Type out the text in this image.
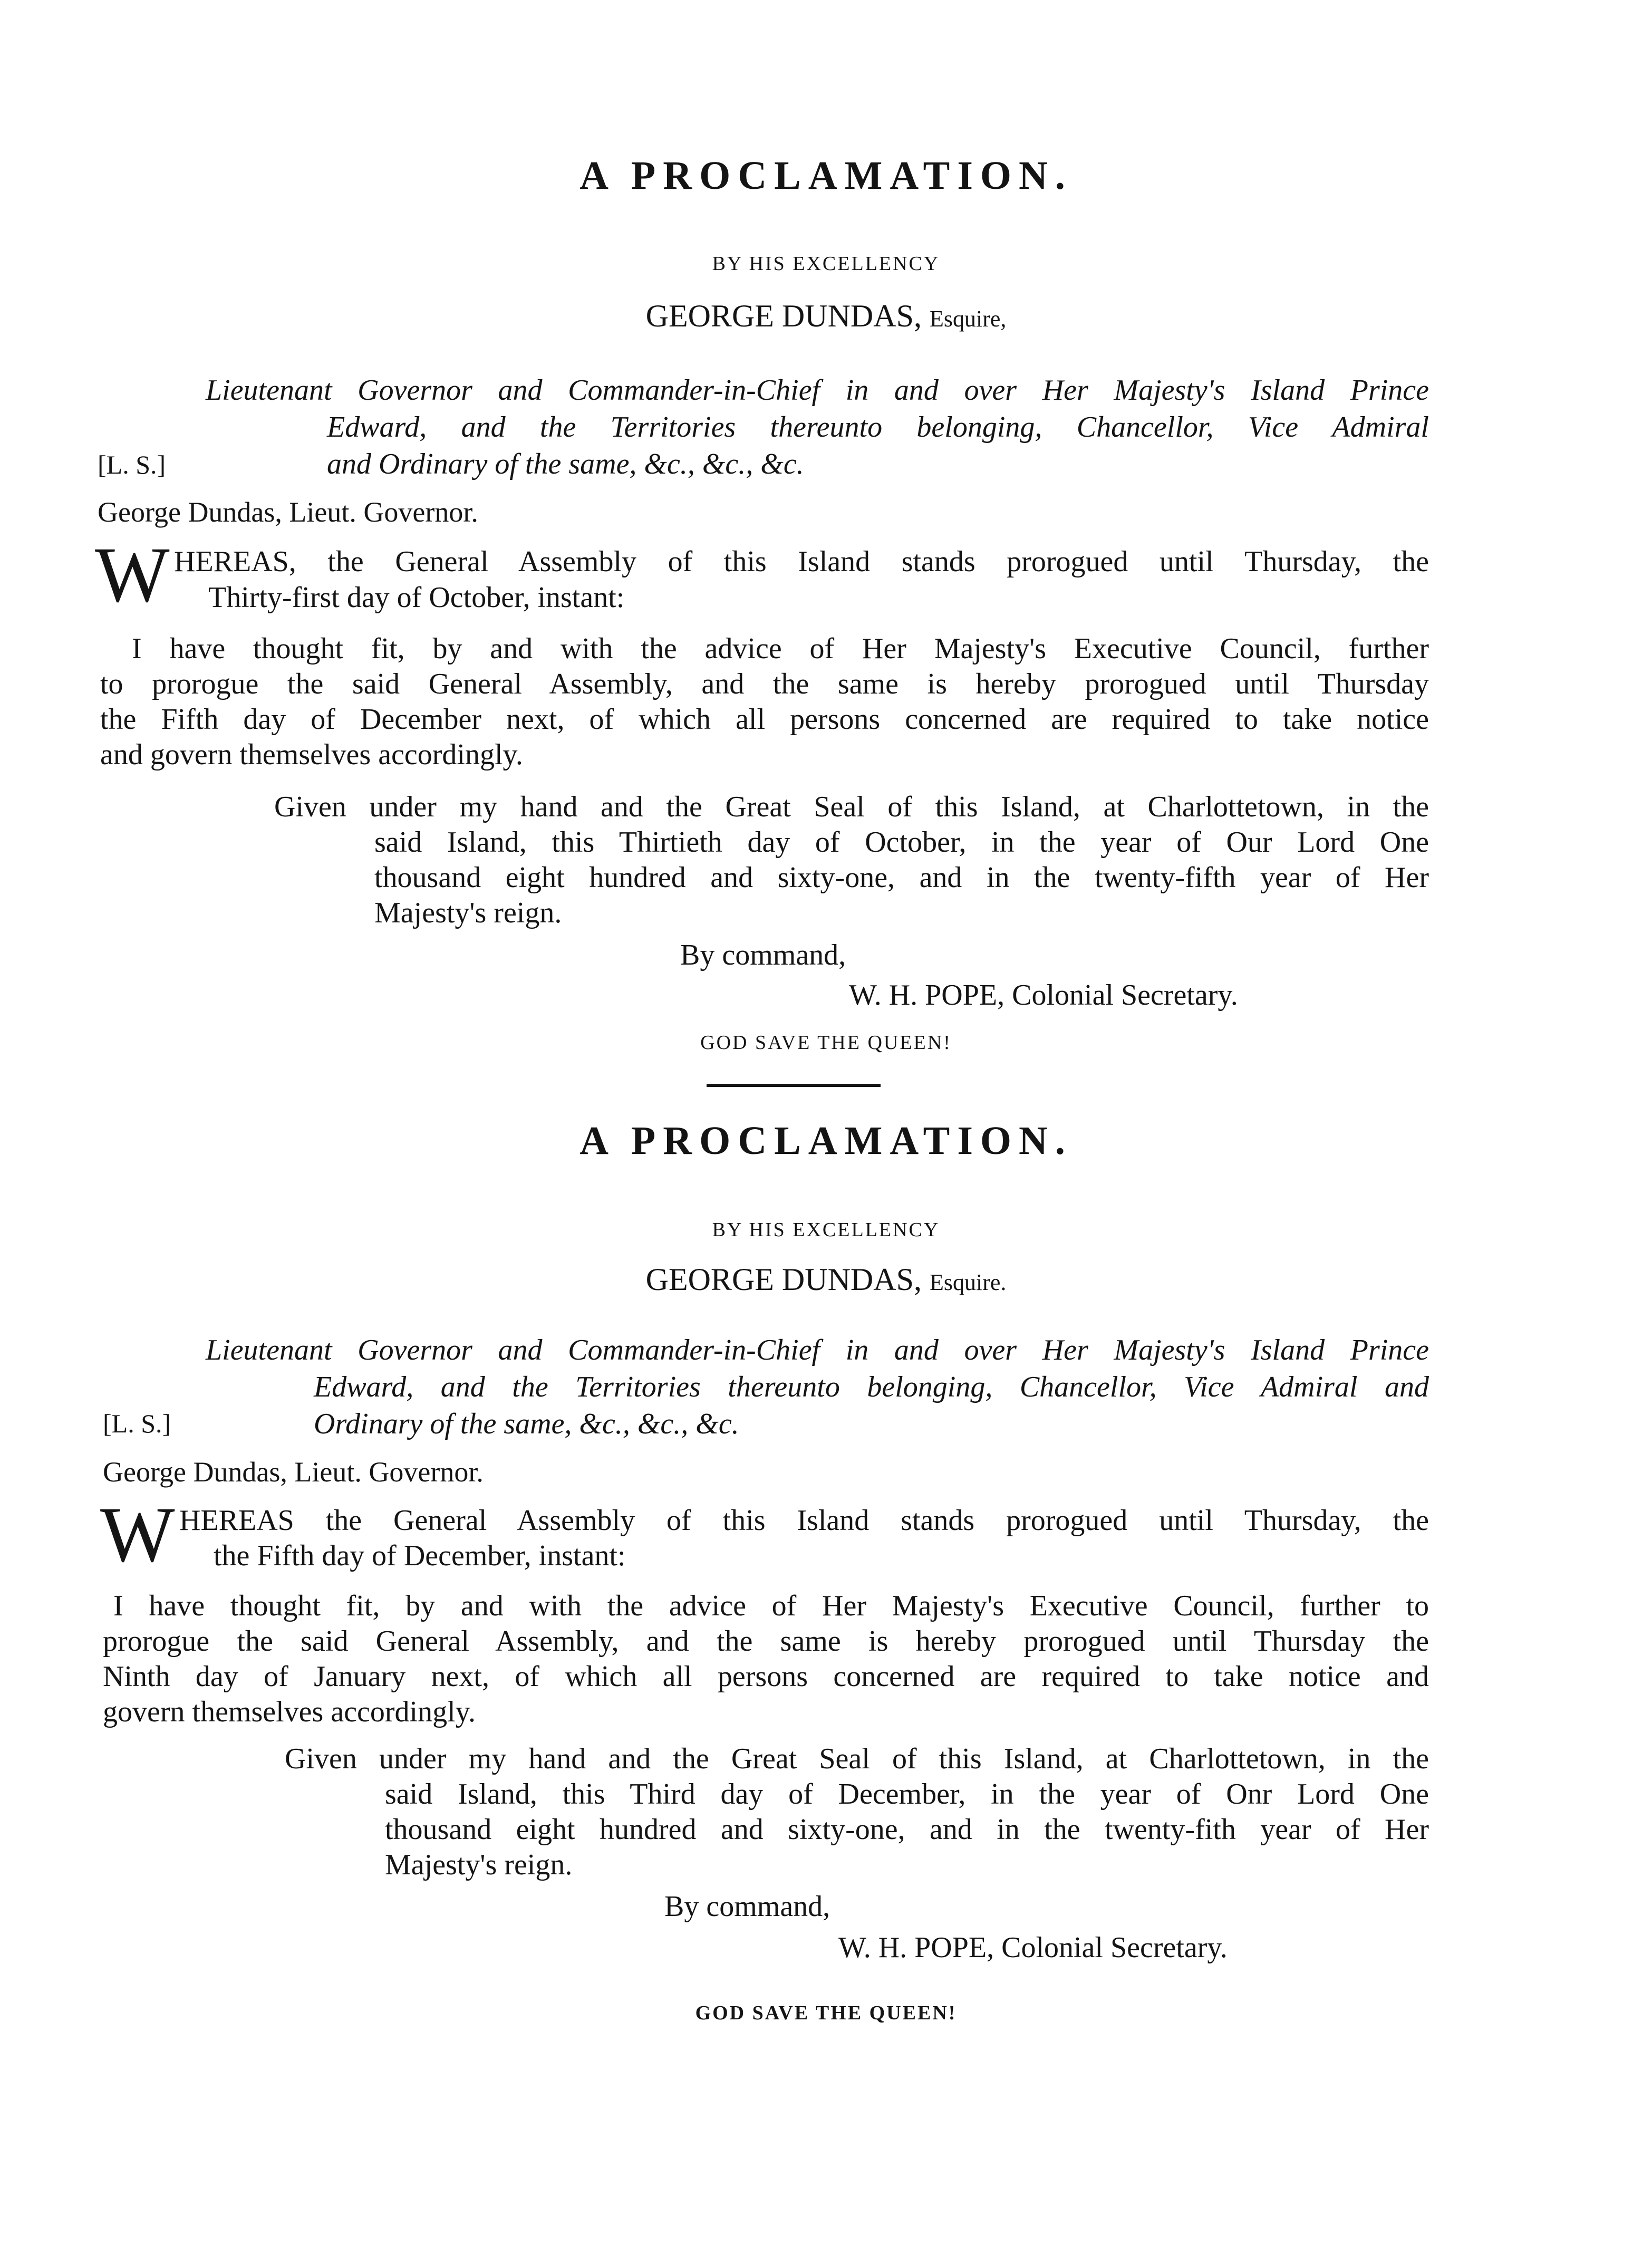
A PROCLAMATION.
BY HIS EXCELLENCY
GEORGE DUNDAS, Esquire,
Lieutenant Governor and Commander-in-Chief in and over Her Majesty's Island Prince
Edward, and the Territories thereunto belonging, Chancellor, Vice Admiral
and Ordinary of the same, &c., &c., &c.
[L. S.]
George Dundas, Lieut. Governor.
W HEREAS, the General Assembly of this Island stands prorogued until Thursday, the
Thirty-first day of October, instant:
I have thought fit, by and with the advice of Her Majesty's Executive Council, further
to prorogue the said General Assembly, and the same is hereby prorogued until Thursday
the Fifth day of December next, of which all persons concerned are required to take notice
and govern themselves accordingly.
Given under my hand and the Great Seal of this Island, at Charlottetown, in the
said Island, this Thirtieth day of October, in the year of Our Lord One
thousand eight hundred and sixty-one, and in the twenty-fifth year of Her
Majesty's reign.
By command,
W. H. POPE, Colonial Secretary.
GOD SAVE THE QUEEN!
A PROCLAMATION.
BY HIS EXCELLENCY
GEORGE DUNDAS, Esquire.
Lieutenant Governor and Commander-in-Chief in and over Her Majesty's Island Prince
Edward, and the Territories thereunto belonging, Chancellor, Vice Admiral and
Ordinary of the same, &c., &c., &c.
[L. S.]
George Dundas, Lieut. Governor.
W HEREAS the General Assembly of this Island stands prorogued until Thursday, the
the Fifth day of December, instant:
I have thought fit, by and with the advice of Her Majesty's Executive Council, further to
prorogue the said General Assembly, and the same is hereby prorogued until Thursday the
Ninth day of January next, of which all persons concerned are required to take notice and
govern themselves accordingly.
Given under my hand and the Great Seal of this Island, at Charlottetown, in the
said Island, this Third day of December, in the year of Onr Lord One
thousand eight hundred and sixty-one, and in the twenty-fith year of Her
Majesty's reign.
By command,
W. H. POPE, Colonial Secretary.
GOD SAVE THE QUEEN!
